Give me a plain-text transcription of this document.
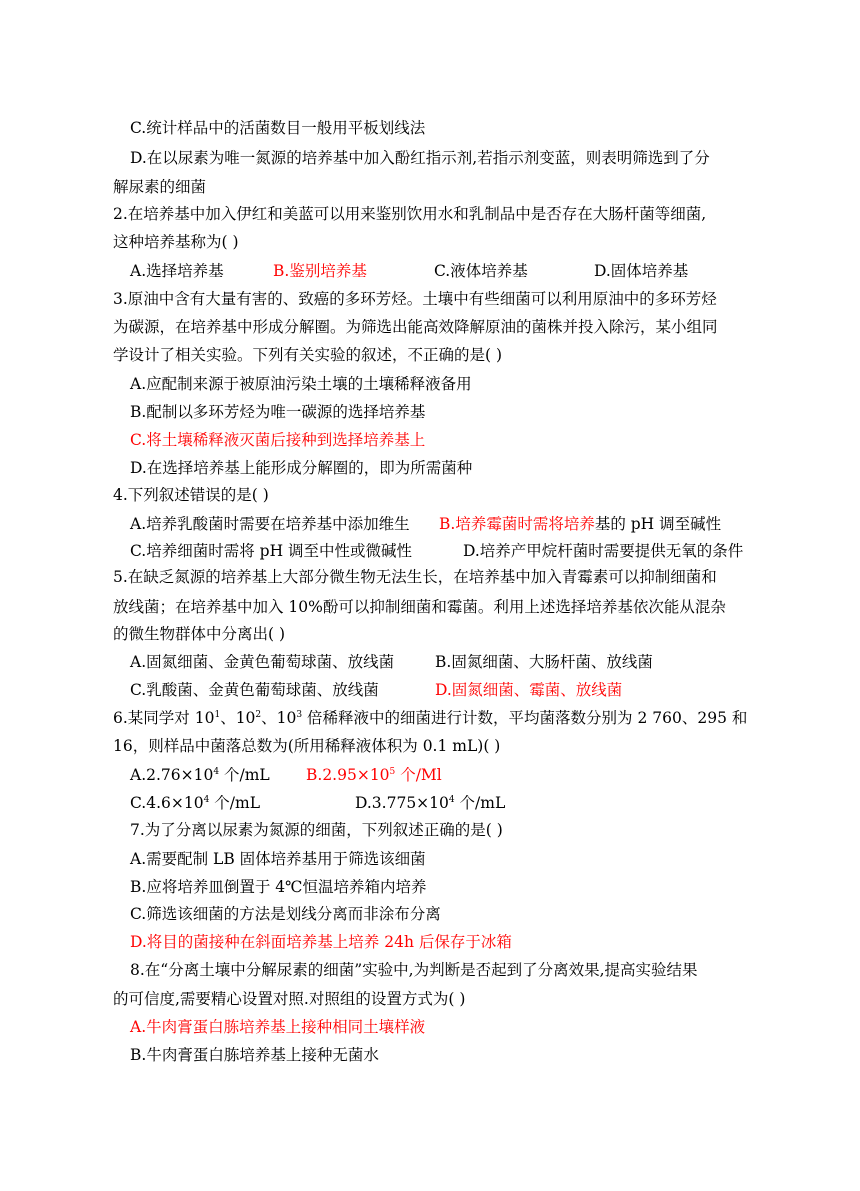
C.统计样品中的活菌数目一般用平板划线法
D.在以尿素为唯一氮源的培养基中加入酚红指示剂,若指示剂变蓝，则表明筛选到了分
解尿素的细菌
2.在培养基中加入伊红和美蓝可以用来鉴别饮用水和乳制品中是否存在大肠杆菌等细菌,
这种培养基称为( )
A.选择培养基	B.鉴别培养基	C.液体培养基	D.固体培养基
3.原油中含有大量有害的、致癌的多环芳烃。土壤中有些细菌可以利用原油中的多环芳烃
为碳源，在培养基中形成分解圈。为筛选出能高效降解原油的菌株并投入除污，某小组同
学设计了相关实验。下列有关实验的叙述，不正确的是( )
A.应配制来源于被原油污染土壤的土壤稀释液备用
B.配制以多环芳烃为唯一碳源的选择培养基
C.将土壤稀释液灭菌后接种到选择培养基上
D.在选择培养基上能形成分解圈的，即为所需菌种
4.下列叙述错误的是( )
A.培养乳酸菌时需要在培养基中添加维生 B.培养霉菌时需将培养基的 pH 调至碱性
C.培养细菌时需将 pH 调至中性或微碱性	D.培养产甲烷杆菌时需要提供无氧的条件
5.在缺乏氮源的培养基上大部分微生物无法生长，在培养基中加入青霉素可以抑制细菌和
放线菌；在培养基中加入 10%酚可以抑制细菌和霉菌。利用上述选择培养基依次能从混杂
的微生物群体中分离出( )
A.固氮细菌、金黄色葡萄球菌、放线菌	B.固氮细菌、大肠杆菌、放线菌
C.乳酸菌、金黄色葡萄球菌、放线菌	D.固氮细菌、霉菌、放线菌
6.某同学对 $10^1$、$10^2$、$10^3$ 倍稀释液中的细菌进行计数，平均菌落数分别为 2 760、295 和
16，则样品中菌落总数为(所用稀释液体积为 0.1 mL)( )
$A.2.76\times 10^4$ 个/mL $B.2.95\times 10^5$ 个/Ml
$C.4.6\times 10^4$ 个/mL	$D.3.775\times 10^4$ 个/mL
7.为了分离以尿素为氮源的细菌，下列叙述正确的是( )
A.需要配制 LB 固体培养基用于筛选该细菌
B.应将培养皿倒置于 4℃恒温培养箱内培养
C.筛选该细菌的方法是划线分离而非涂布分离
D.将目的菌接种在斜面培养基上培养 24h 后保存于冰箱
8.在“分离土壤中分解尿素的细菌”实验中,为判断是否起到了分离效果,提高实验结果
的可信度,需要精心设置对照.对照组的设置方式为( )
A.牛肉膏蛋白胨培养基上接种相同土壤样液
B.牛肉膏蛋白胨培养基上接种无菌水
